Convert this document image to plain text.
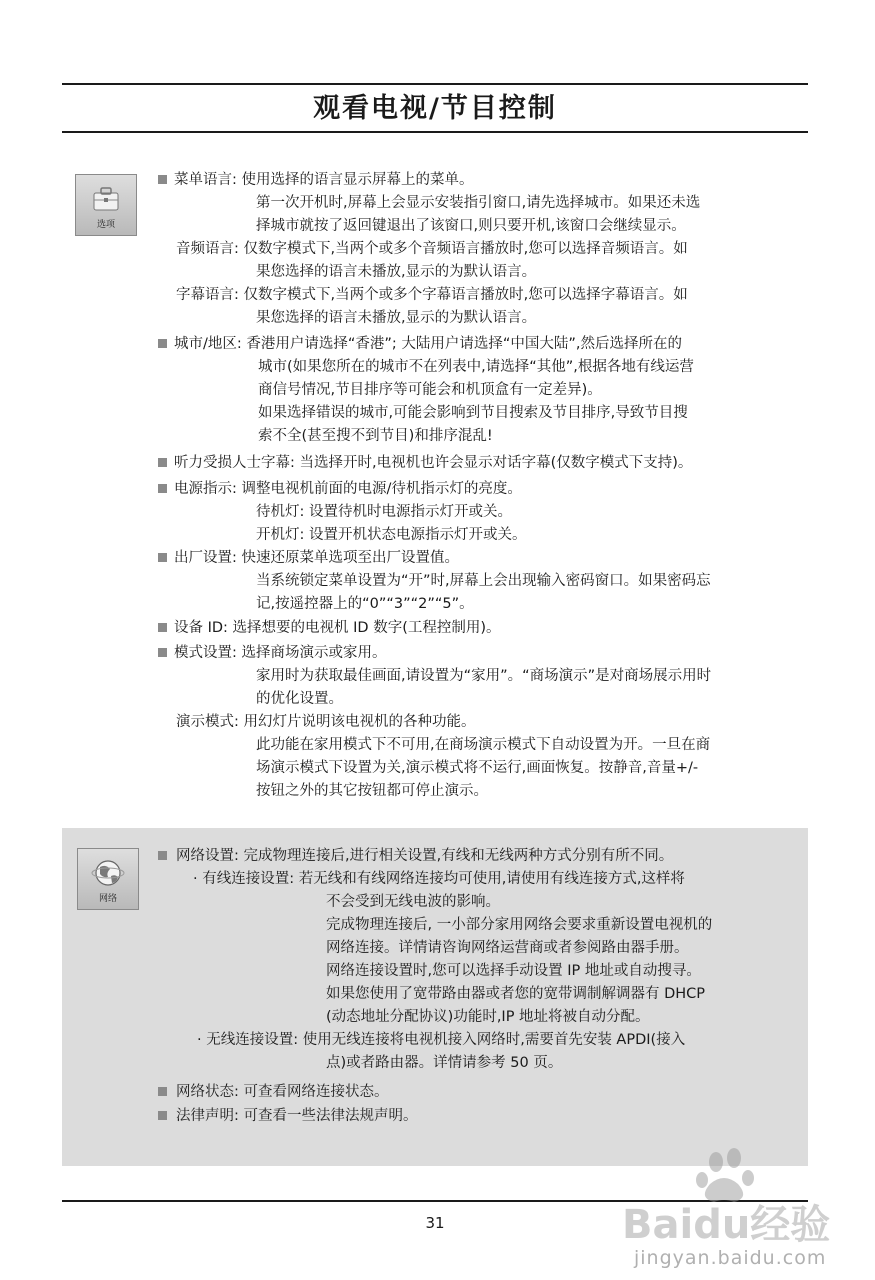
观看电视/节目控制
选项
菜单语言: 使用选择的语言显示屏幕上的菜单。
第一次开机时,屏幕上会显示安装指引窗口,请先选择城市。如果还未选
择城市就按了返回键退出了该窗口,则只要开机,该窗口会继续显示。
音频语言: 仅数字模式下,当两个或多个音频语言播放时,您可以选择音频语言。如
果您选择的语言未播放,显示的为默认语言。
字幕语言: 仅数字模式下,当两个或多个字幕语言播放时,您可以选择字幕语言。如
果您选择的语言未播放,显示的为默认语言。
城市/地区: 香港用户请选择“香港”; 大陆用户请选择“中国大陆”,然后选择所在的
城市(如果您所在的城市不在列表中,请选择“其他”,根据各地有线运营
商信号情况,节目排序等可能会和机顶盒有一定差异)。
如果选择错误的城市,可能会影响到节目搜索及节目排序,导致节目搜
索不全(甚至搜不到节目)和排序混乱!
听力受损人士字幕: 当选择开时,电视机也许会显示对话字幕(仅数字模式下支持)。
电源指示: 调整电视机前面的电源/待机指示灯的亮度。
待机灯: 设置待机时电源指示灯开或关。
开机灯: 设置开机状态电源指示灯开或关。
出厂设置: 快速还原菜单选项至出厂设置值。
当系统锁定菜单设置为“开”时,屏幕上会出现输入密码窗口。如果密码忘
记,按遥控器上的“0”“3”“2”“5”。
设备 ID: 选择想要的电视机 ID 数字(工程控制用)。
模式设置: 选择商场演示或家用。
家用时为获取最佳画面,请设置为“家用”。“商场演示”是对商场展示用时
的优化设置。
演示模式: 用幻灯片说明该电视机的各种功能。
此功能在家用模式下不可用,在商场演示模式下自动设置为开。一旦在商
场演示模式下设置为关,演示模式将不运行,画面恢复。按静音,音量+/-
按钮之外的其它按钮都可停止演示。
网络
网络设置: 完成物理连接后,进行相关设置,有线和无线两种方式分别有所不同。
· 有线连接设置: 若无线和有线网络连接均可使用,请使用有线连接方式,这样将
不会受到无线电波的影响。
完成物理连接后, 一小部分家用网络会要求重新设置电视机的
网络连接。详情请咨询网络运营商或者参阅路由器手册。
网络连接设置时,您可以选择手动设置 IP 地址或自动搜寻。
如果您使用了宽带路由器或者您的宽带调制解调器有 DHCP
(动态地址分配协议)功能时,IP 地址将被自动分配。
· 无线连接设置: 使用无线连接将电视机接入网络时,需要首先安装 APDI(接入
点)或者路由器。详情请参考 50 页。
网络状态: 可查看网络连接状态。
法律声明: 可查看一些法律法规声明。
31	Baidu经验
jingyan.baidu.com
